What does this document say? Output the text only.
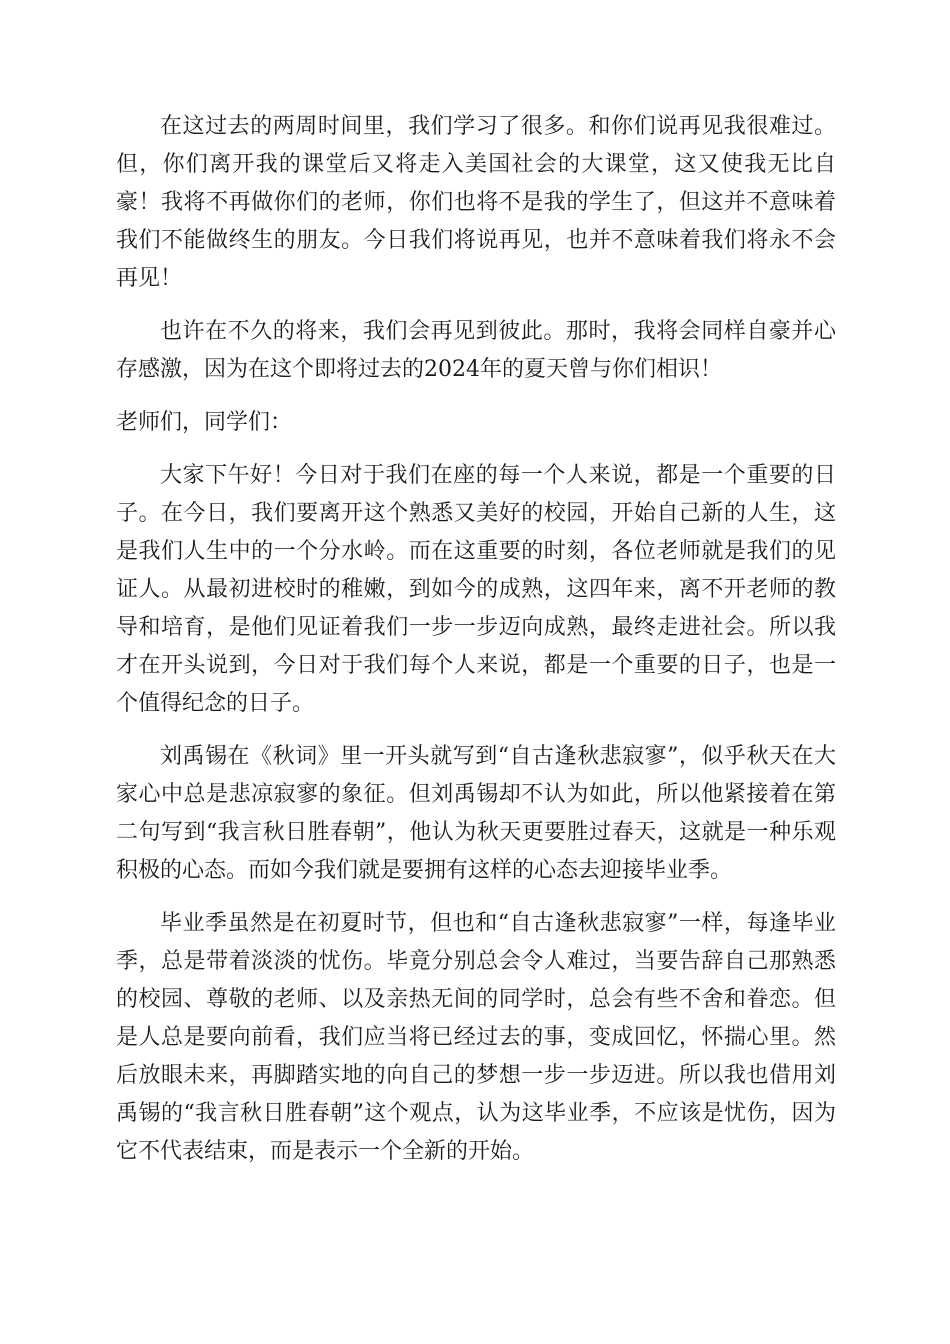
在这过去的两周时间里，我们学习了很多。和你们说再见我很难过。但，你们离开我的课堂后又将走入美国社会的大课堂，这又使我无比自豪！我将不再做你们的老师，你们也将不是我的学生了，但这并不意味着我们不能做终生的朋友。今日我们将说再见，也并不意味着我们将永不会再见！

也许在不久的将来，我们会再见到彼此。那时，我将会同样自豪并心存感激，因为在这个即将过去的2024年的夏天曾与你们相识！

老师们，同学们：

大家下午好！今日对于我们在座的每一个人来说，都是一个重要的日子。在今日，我们要离开这个熟悉又美好的校园，开始自己新的人生，这是我们人生中的一个分水岭。而在这重要的时刻，各位老师就是我们的见证人。从最初进校时的稚嫩，到如今的成熟，这四年来，离不开老师的教导和培育，是他们见证着我们一步一步迈向成熟，最终走进社会。所以我才在开头说到，今日对于我们每个人来说，都是一个重要的日子，也是一个值得纪念的日子。

刘禹锡在《秋词》里一开头就写到“自古逢秋悲寂寥”，似乎秋天在大家心中总是悲凉寂寥的象征。但刘禹锡却不认为如此，所以他紧接着在第二句写到“我言秋日胜春朝”，他认为秋天更要胜过春天，这就是一种乐观积极的心态。而如今我们就是要拥有这样的心态去迎接毕业季。

毕业季虽然是在初夏时节，但也和“自古逢秋悲寂寥”一样，每逢毕业季，总是带着淡淡的忧伤。毕竟分别总会令人难过，当要告辞自己那熟悉的校园、尊敬的老师、以及亲热无间的同学时，总会有些不舍和眷恋。但是人总是要向前看，我们应当将已经过去的事，变成回忆，怀揣心里。然后放眼未来，再脚踏实地的向自己的梦想一步一步迈进。所以我也借用刘禹锡的“我言秋日胜春朝”这个观点，认为这毕业季，不应该是忧伤，因为它不代表结束，而是表示一个全新的开始。
